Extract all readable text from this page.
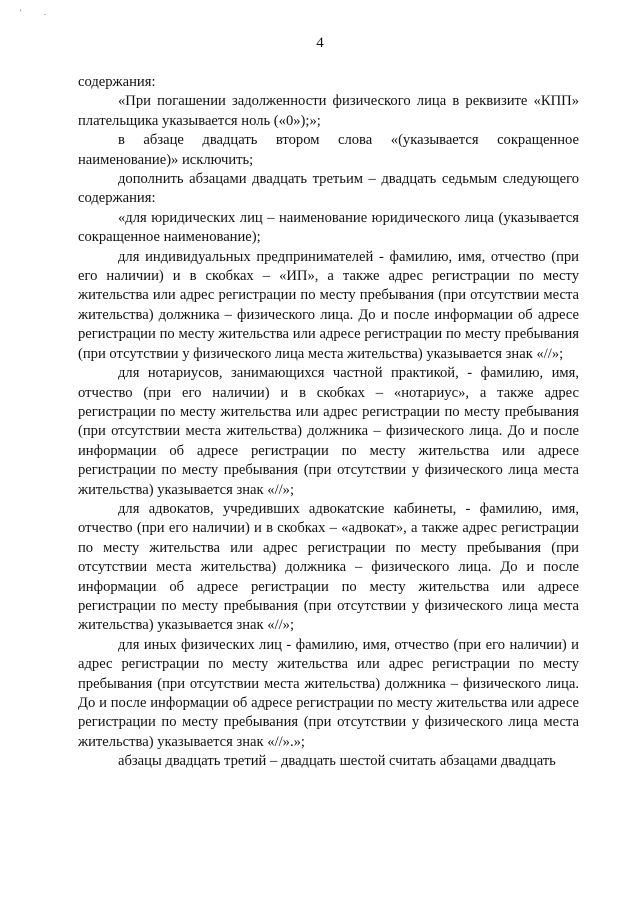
'	.
4

содержания:

«При погашении задолженности физического лица в реквизите «КПП» плательщика указывается ноль («0»);»;

в абзаце двадцать втором слова «(указывается сокращенное наименование)» исключить;

дополнить абзацами двадцать третьим – двадцать седьмым следующего содержания:

«для юридических лиц – наименование юридического лица (указывается сокращенное наименование);

для индивидуальных предпринимателей - фамилию, имя, отчество (при его наличии) и в скобках – «ИП», а также адрес регистрации по месту жительства или адрес регистрации по месту пребывания (при отсутствии места жительства) должника – физического лица. До и после информации об адресе регистрации по месту жительства или адресе регистрации по месту пребывания (при отсутствии у физического лица места жительства) указывается знак «//»;

для нотариусов, занимающихся частной практикой, - фамилию, имя, отчество (при его наличии) и в скобках – «нотариус», а также адрес регистрации по месту жительства или адрес регистрации по месту пребывания (при отсутствии места жительства) должника – физического лица. До и после информации об адресе регистрации по месту жительства или адресе регистрации по месту пребывания (при отсутствии у физического лица места жительства) указывается знак «//»;

для адвокатов, учредивших адвокатские кабинеты, - фамилию, имя, отчество (при его наличии) и в скобках – «адвокат», а также адрес регистрации по месту жительства или адрес регистрации по месту пребывания (при отсутствии места жительства) должника – физического лица. До и после информации об адресе регистрации по месту жительства или адресе регистрации по месту пребывания (при отсутствии у физического лица места жительства) указывается знак «//»;

для иных физических лиц - фамилию, имя, отчество (при его наличии) и адрес регистрации по месту жительства или адрес регистрации по месту пребывания (при отсутствии места жительства) должника – физического лица. До и после информации об адресе регистрации по месту жительства или адресе регистрации по месту пребывания (при отсутствии у физического лица места жительства) указывается знак «//».»;

абзацы двадцать третий – двадцать шестой считать абзацами двадцать
